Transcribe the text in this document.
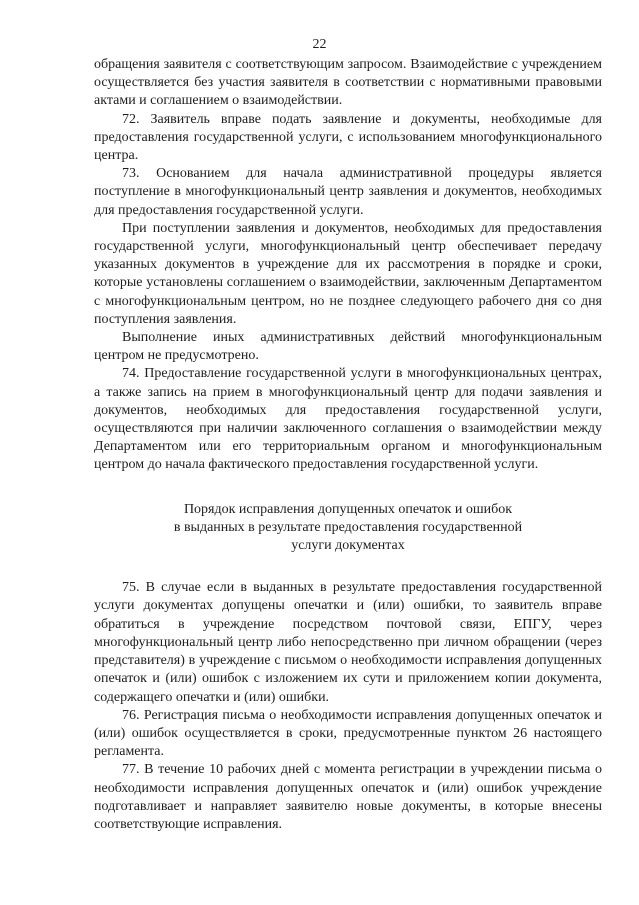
22

обращения заявителя с соответствующим запросом. Взаимодействие с учреждением осуществляется без участия заявителя в соответствии с нормативными правовыми актами и соглашением о взаимодействии.

72. Заявитель вправе подать заявление и документы, необходимые для предоставления государственной услуги, с использованием многофункционального центра.

73. Основанием для начала административной процедуры является поступление в многофункциональный центр заявления и документов, необходимых для предоставления государственной услуги.

При поступлении заявления и документов, необходимых для предоставления государственной услуги, многофункциональный центр обеспечивает передачу указанных документов в учреждение для их рассмотрения в порядке и сроки, которые установлены соглашением о взаимодействии, заключенным Департаментом с многофункциональным центром, но не позднее следующего рабочего дня со дня поступления заявления.

Выполнение иных административных действий многофункциональным центром не предусмотрено.

74. Предоставление государственной услуги в многофункциональных центрах, а также запись на прием в многофункциональный центр для подачи заявления и документов, необходимых для предоставления государственной услуги, осуществляются при наличии заключенного соглашения о взаимодействии между Департаментом или его территориальным органом и многофункциональным центром до начала фактического предоставления государственной услуги.

Порядок исправления допущенных опечаток и ошибок
в выданных в результате предоставления государственной
услуги документах

75. В случае если в выданных в результате предоставления государственной услуги документах допущены опечатки и (или) ошибки, то заявитель вправе обратиться в учреждение посредством почтовой связи, ЕПГУ, через многофункциональный центр либо непосредственно при личном обращении (через представителя) в учреждение с письмом о необходимости исправления допущенных опечаток и (или) ошибок с изложением их сути и приложением копии документа, содержащего опечатки и (или) ошибки.

76. Регистрация письма о необходимости исправления допущенных опечаток и (или) ошибок осуществляется в сроки, предусмотренные пунктом 26 настоящего регламента.

77. В течение 10 рабочих дней с момента регистрации в учреждении письма о необходимости исправления допущенных опечаток и (или) ошибок учреждение подготавливает и направляет заявителю новые документы, в которые внесены соответствующие исправления.
